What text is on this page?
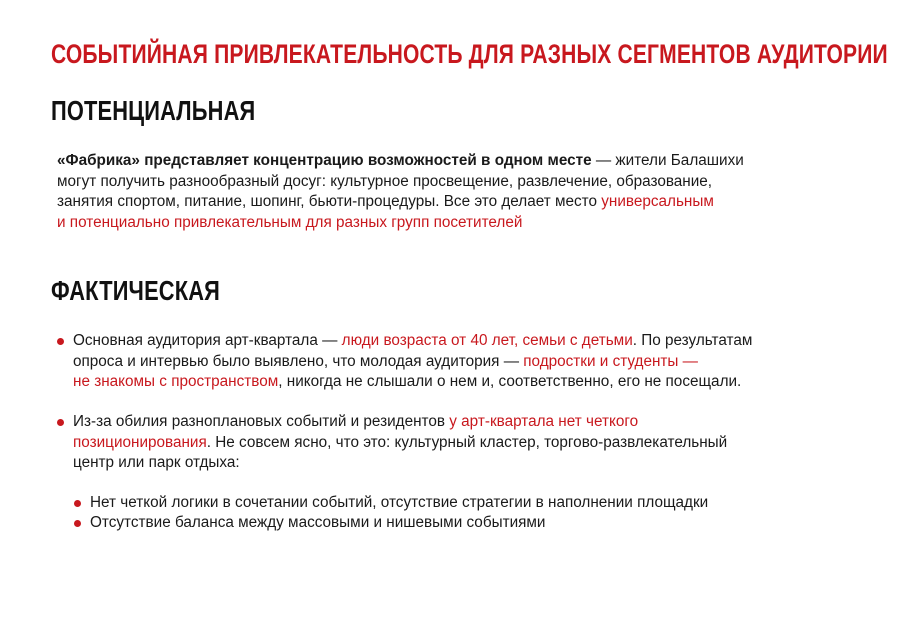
СОБЫТИЙНАЯ ПРИВЛЕКАТЕЛЬНОСТЬ ДЛЯ РАЗНЫХ СЕГМЕНТОВ АУДИТОРИИ
ПОТЕНЦИАЛЬНАЯ

«Фабрика» представляет концентрацию возможностей в одном месте — жители Балашихи
могут получить разнообразный досуг: культурное просвещение, развлечение, образование,
занятия спортом, питание, шопинг, бьюти-процедуры. Все это делает место универсальным
и потенциально привлекательным для разных групп посетителей

ФАКТИЧЕСКАЯ

Основная аудитория арт-квартала — люди возраста от 40 лет, семьи с детьми. По результатам
опроса и интервью было выявлено, что молодая аудитория — подростки и студенты —
не знакомы с пространством, никогда не слышали о нем и, соответственно, его не посещали.

Из-за обилия разноплановых событий и резидентов у арт-квартала нет четкого
позиционирования. Не совсем ясно, что это: культурный кластер, торгово-развлекательный
центр или парк отдыха:

Нет четкой логики в сочетании событий, отсутствие стратегии в наполнении площадки

Отсутствие баланса между массовыми и нишевыми событиями
